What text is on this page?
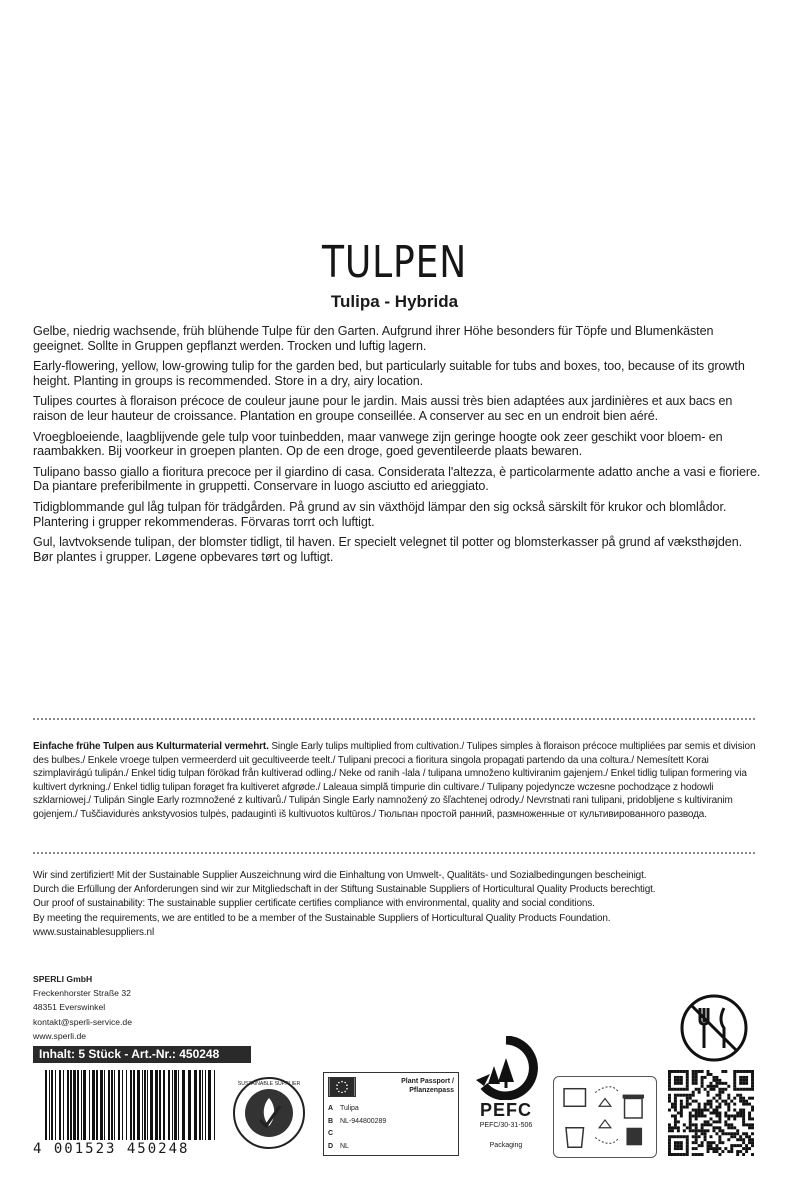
TULPEN
Tulipa - Hybrida

Gelbe, niedrig wachsende, früh blühende Tulpe für den Garten. Aufgrund ihrer Höhe besonders für Töpfe und Blumenkästen geeignet. Sollte in Gruppen gepflanzt werden. Trocken und luftig lagern.

Early-flowering, yellow, low-growing tulip for the garden bed, but particularly suitable for tubs and boxes, too, because of its growth height. Planting in groups is recommended. Store in a dry, airy location.

Tulipes courtes à floraison précoce de couleur jaune pour le jardin. Mais aussi très bien adaptées aux jardinières et aux bacs en raison de leur hauteur de croissance. Plantation en groupe conseillée. A conserver au sec en un endroit bien aéré.

Vroegbloeiende, laagblijvende gele tulp voor tuinbedden, maar vanwege zijn geringe hoogte ook zeer geschikt voor bloem- en raambakken. Bij voorkeur in groepen planten. Op de een droge, goed geventileerde plaats bewaren.

Tulipano basso giallo a fioritura precoce per il giardino di casa. Considerata l'altezza, è particolarmente adatto anche a vasi e fioriere. Da piantare preferibilmente in gruppetti. Conservare in luogo asciutto ed arieggiato.

Tidigblommande gul låg tulpan för trädgården. På grund av sin växthöjd lämpar den sig också särskilt för krukor och blomlådor. Plantering i grupper rekommenderas. Förvaras torrt och luftigt.

Gul, lavtvoksende tulipan, der blomster tidligt, til haven. Er specielt velegnet til potter og blomsterkasser på grund af væksthøjden. Bør plantes i grupper. Løgene opbevares tørt og luftigt.

Einfache frühe Tulpen aus Kulturmaterial vermehrt. Single Early tulips multiplied from cultivation./ Tulipes simples à floraison précoce multipliées par semis et division des bulbes./ Enkele vroege tulpen vermeerderd uit gecultiveerde teelt./ Tulipani precoci a fioritura singola propagati partendo da una coltura./ Nemesített Korai szimplavirágú tulipán./ Enkel tidig tulpan förökad från kultiverad odling./ Neke od ranih -lala / tulipana umnoženo kultiviranim gajenjem./ Enkel tidlig tulipan formering via kultivert dyrkning./ Enkel tidlig tulipan forøget fra kultiveret afgrøde./ Laleaua simplă timpurie din cultivare./ Tulipany pojedyncze wczesne pochodzące z hodowli szklarniowej./ Tulipán Single Early rozmnožené z kultivarů./ Tulipán Single Early namnožený zo šľachtenej odrody./ Nevrstnati rani tulipani, pridobljene s kultiviranim gojenjem./ Tuščiavidurės ankstyvosios tulpės, padaugintì iš kultivuotos kultūros./ Тюльпан простой ранний, размноженные от культивированного развода.
Wir sind zertifiziert! Mit der Sustainable Supplier Auszeichnung wird die Einhaltung von Umwelt-, Qualitäts- und Sozialbedingungen bescheinigt.
Durch die Erfüllung der Anforderungen sind wir zur Mitgliedschaft in der Stiftung Sustainable Suppliers of Horticultural Quality Products berechtigt.
Our proof of sustainability: The sustainable supplier certificate certifies compliance with environmental, quality and social conditions.
By meeting the requirements, we are entitled to be a member of the Sustainable Suppliers of Horticultural Quality Products Foundation.
www.sustainablesuppliers.nl
SPERLI GmbH
Freckenhorster Straße 32
48351 Everswinkel
kontakt@sperli-service.de
www.sperli.de
Inhalt: 5 Stück - Art.-Nr.: 450248
4 001523 450248
SUSTAINABLE SUPPLIER	Plant Passport /
Pflanzenpass
A Tulipa
B NL-944800289
C
D NL
PEFC
PEFC/30-31-506
Packaging
